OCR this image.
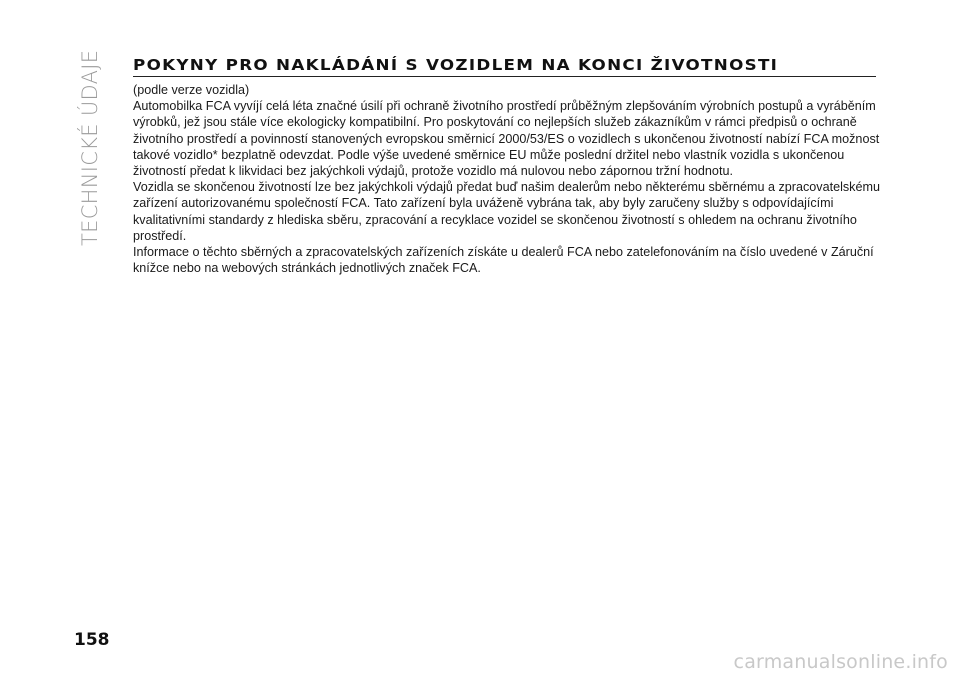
TECHNICKÉ ÚDAJE POKYNY PRO NAKLÁDÁNÍ S VOZIDLEM NA KONCI ŽIVOTNOSTI

(podle verze vozidla)

Automobilka FCA vyvíjí celá léta značné úsilí při ochraně životního prostředí průběžným zlepšováním výrobních postupů a vyráběním výrobků, jež jsou stále více ekologicky kompatibilní. Pro poskytování co nejlepších služeb zákazníkům v rámci předpisů o ochraně životního prostředí a povinností stanovených evropskou směrnicí 2000/53/ES o vozidlech s ukončenou životností nabízí FCA možnost takové vozidlo* bezplatně odevzdat. Podle výše uvedené směrnice EU může poslední držitel nebo vlastník vozidla s ukončenou životností předat k likvidaci bez jakýchkoli výdajů, protože vozidlo má nulovou nebo zápornou tržní hodnotu.

Vozidla se skončenou životností lze bez jakýchkoli výdajů předat buď našim dealerům nebo některému sběrnému a zpracovatelskému zařízení autorizovanému společností FCA. Tato zařízení byla uváženě vybrána tak, aby byly zaručeny služby s odpovídajícími kvalitativními standardy z hlediska sběru, zpracování a recyklace vozidel se skončenou životností s ohledem na ochranu životního prostředí.

Informace o těchto sběrných a zpracovatelských zařízeních získáte u dealerů FCA nebo zatelefonováním na číslo uvedené v Záruční knížce nebo na webových stránkách jednotlivých značek FCA.

158
carmanualsonline.info
